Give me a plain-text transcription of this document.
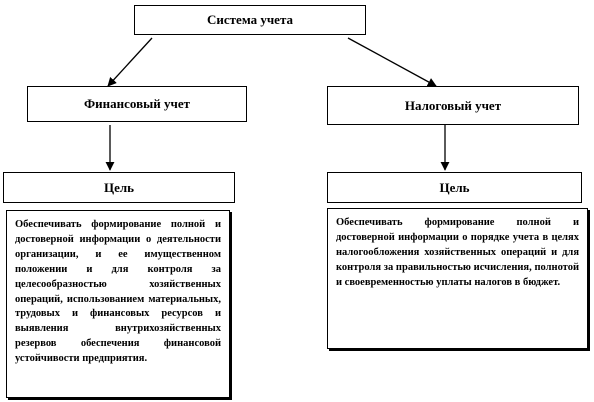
Система учета
Финансовый учет	Налоговый учет
Цель	Цель
Обеспечивать формирование полной и достоверной информации о деятельности организации, и ее имущественном положении и для контроля за целесообразностью хозяйственных операций, использованием материальных, трудовых и финансовых ресурсов и выявления внутрихозяйственных резервов обеспечения финансовой устойчивости предприятия.
Обеспечивать формирование полной и достоверной информации о порядке учета в целях налогообложения хозяйственных операций и для контроля за правильностью исчисления, полнотой и своевременностью уплаты налогов в бюджет.
